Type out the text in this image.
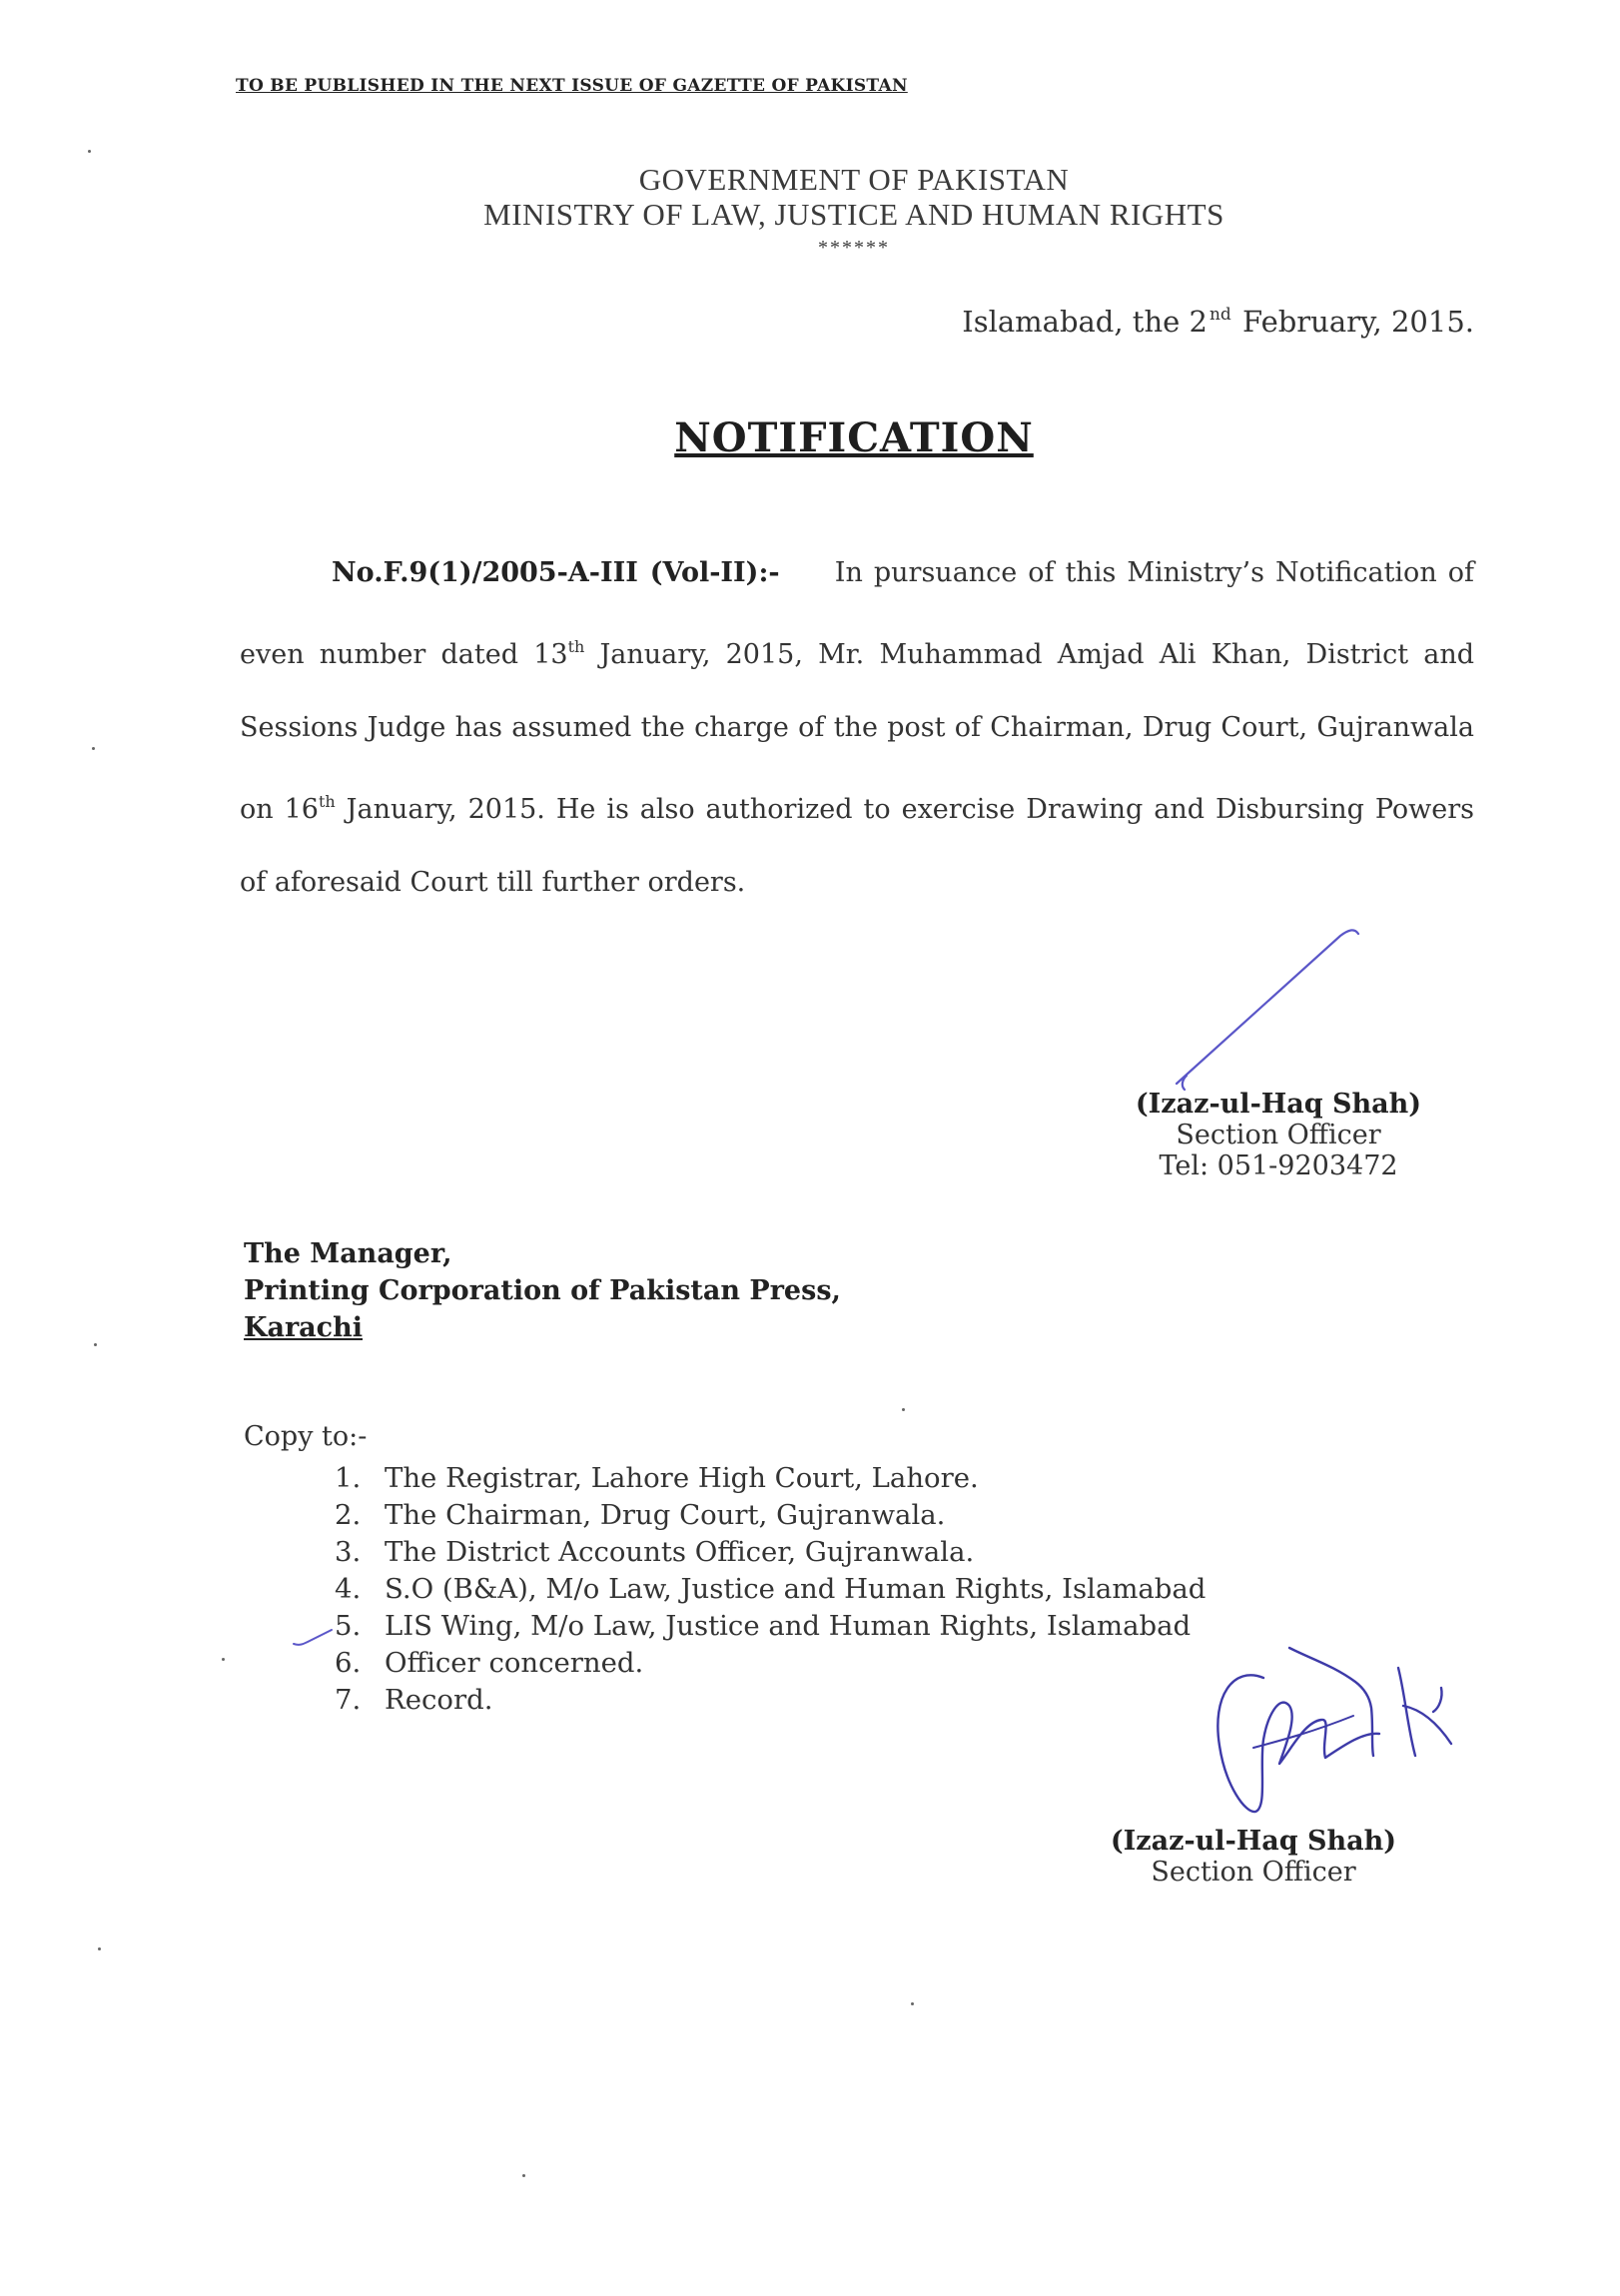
TO BE PUBLISHED IN THE NEXT ISSUE OF GAZETTE OF PAKISTAN
GOVERNMENT OF PAKISTAN
MINISTRY OF LAW, JUSTICE AND HUMAN RIGHTS
******
Islamabad, the 2 $^{nd}$ February, 2015.
NOTIFICATION
No.F.9(1)/2005-A-III (Vol-II):- In pursuance of this Ministry’s Notification of even number dated 13th January, 2015, Mr. Muhammad Amjad Ali Khan, District and Sessions Judge has assumed the charge of the post of Chairman, Drug Court, Gujranwala on 16th January, 2015. He is also authorized to exercise Drawing and Disbursing Powers of aforesaid Court till further orders.
(Izaz-ul-Haq Shah)
Section Officer
Tel: 051-9203472
The Manager,
Printing Corporation of Pakistan Press,
Karachi
Copy to:-
1. The Registrar, Lahore High Court, Lahore.
2. The Chairman, Drug Court, Gujranwala.
3. The District Accounts Officer, Gujranwala.
4. S.O (B&A), M/o Law, Justice and Human Rights, Islamabad
5. LIS Wing, M/o Law, Justice and Human Rights, Islamabad
6. Officer concerned.
7. Record.
(Izaz-ul-Haq Shah)
Section Officer
